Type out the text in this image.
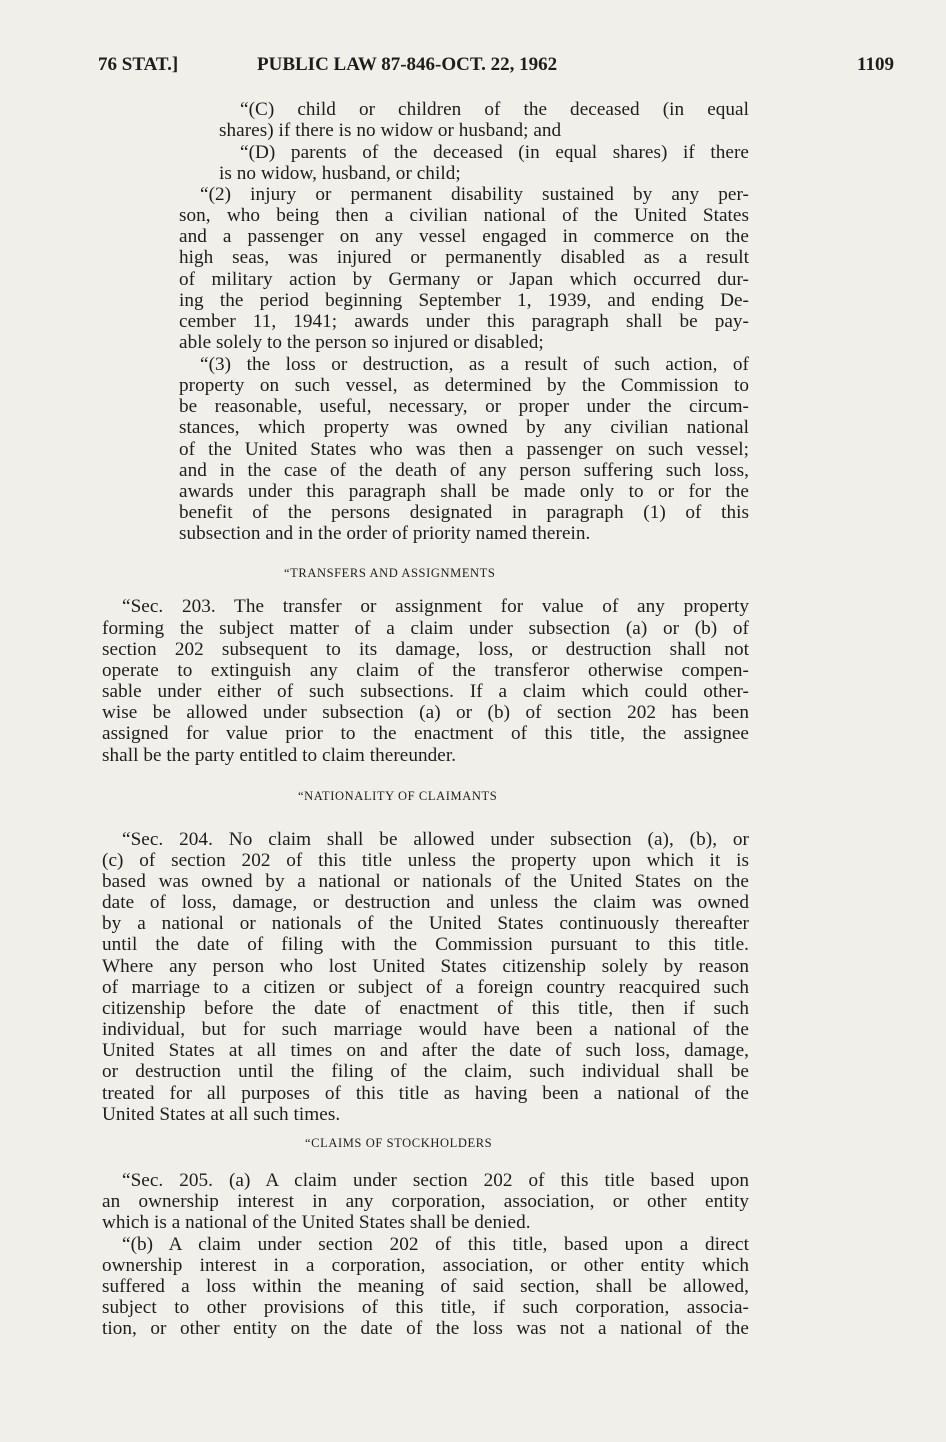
76 STAT.]	PUBLIC LAW 87-846-OCT. 22, 1962	1109
“(C) child or children of the deceased (in equal
shares) if there is no widow or husband; and
“(D) parents of the deceased (in equal shares) if there
is no widow, husband, or child;
“(2) injury or permanent disability sustained by any per-
son, who being then a civilian national of the United States
and a passenger on any vessel engaged in commerce on the
high seas, was injured or permanently disabled as a result
of military action by Germany or Japan which occurred dur-
ing the period beginning September 1, 1939, and ending De-
cember 11, 1941; awards under this paragraph shall be pay-
able solely to the person so injured or disabled;
“(3) the loss or destruction, as a result of such action, of
property on such vessel, as determined by the Commission to
be reasonable, useful, necessary, or proper under the circum-
stances, which property was owned by any civilian national
of the United States who was then a passenger on such vessel;
and in the case of the death of any person suffering such loss,
awards under this paragraph shall be made only to or for the
benefit of the persons designated in paragraph (1) of this
subsection and in the order of priority named therein.
“TRANSFERS AND ASSIGNMENTS
“Sec. 203. The transfer or assignment for value of any property
forming the subject matter of a claim under subsection (a) or (b) of
section 202 subsequent to its damage, loss, or destruction shall not
operate to extinguish any claim of the transferor otherwise compen-
sable under either of such subsections. If a claim which could other-
wise be allowed under subsection (a) or (b) of section 202 has been
assigned for value prior to the enactment of this title, the assignee
shall be the party entitled to claim thereunder.
“NATIONALITY OF CLAIMANTS
“Sec. 204. No claim shall be allowed under subsection (a), (b), or
(c) of section 202 of this title unless the property upon which it is
based was owned by a national or nationals of the United States on the
date of loss, damage, or destruction and unless the claim was owned
by a national or nationals of the United States continuously thereafter
until the date of filing with the Commission pursuant to this title.
Where any person who lost United States citizenship solely by reason
of marriage to a citizen or subject of a foreign country reacquired such
citizenship before the date of enactment of this title, then if such
individual, but for such marriage would have been a national of the
United States at all times on and after the date of such loss, damage,
or destruction until the filing of the claim, such individual shall be
treated for all purposes of this title as having been a national of the
United States at all such times.
“CLAIMS OF STOCKHOLDERS
“Sec. 205. (a) A claim under section 202 of this title based upon
an ownership interest in any corporation, association, or other entity
which is a national of the United States shall be denied.
“(b) A claim under section 202 of this title, based upon a direct
ownership interest in a corporation, association, or other entity which
suffered a loss within the meaning of said section, shall be allowed,
subject to other provisions of this title, if such corporation, associa-
tion, or other entity on the date of the loss was not a national of the
